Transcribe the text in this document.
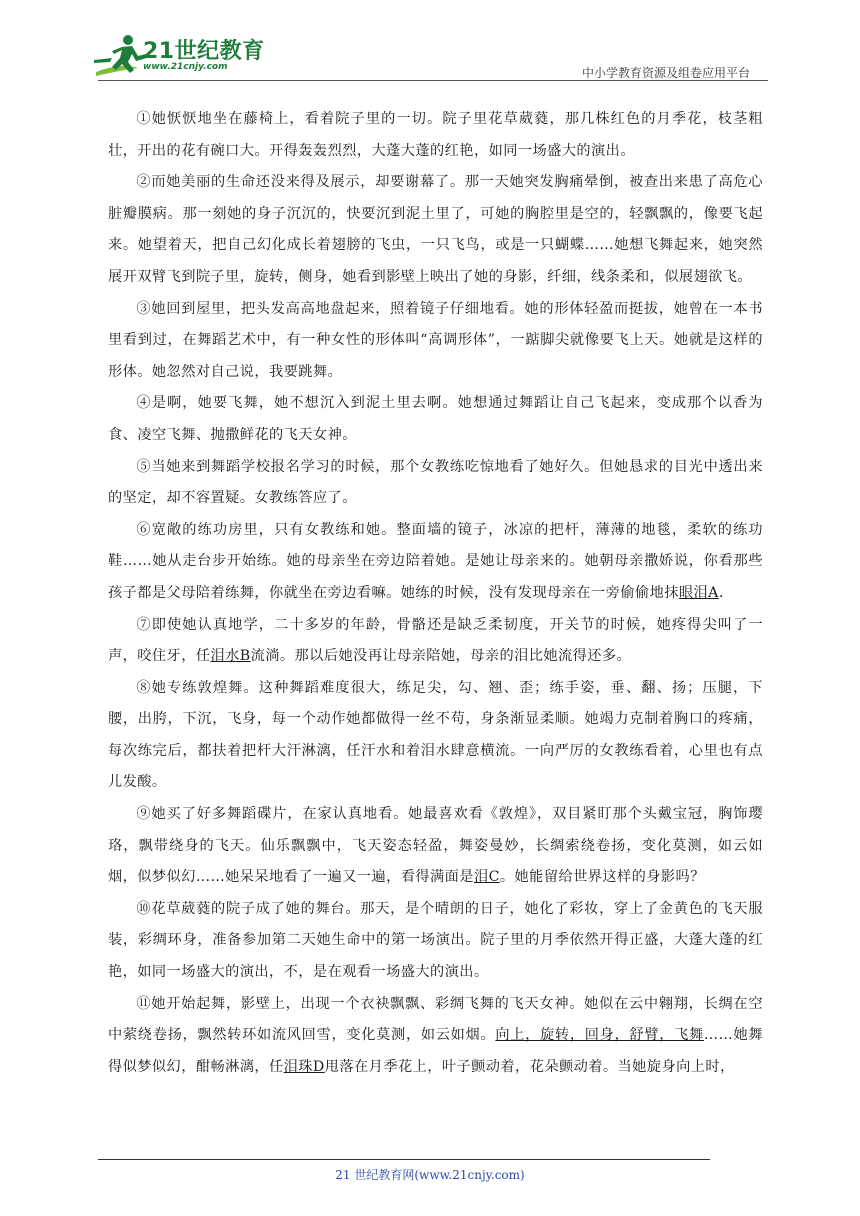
21世纪教育
www.21cnjy.com	中小学教育资源及组卷应用平台

①她恹恹地坐在藤椅上，看着院子里的一切。院子里花草葳蕤，那几株红色的月季花，枝茎粗壮，开出的花有碗口大。开得轰轰烈烈，大蓬大蓬的红艳，如同一场盛大的演出。

②而她美丽的生命还没来得及展示，却要谢幕了。那一天她突发胸痛晕倒，被查出来患了高危心脏瓣膜病。那一刻她的身子沉沉的，快要沉到泥土里了，可她的胸腔里是空的，轻飘飘的，像要飞起来。她望着天，把自己幻化成长着翅膀的飞虫，一只飞鸟，或是一只蝴蝶……她想飞舞起来，她突然展开双臂飞到院子里，旋转，侧身，她看到影壁上映出了她的身影，纤细，线条柔和，似展翅欲飞。

③她回到屋里，把头发高高地盘起来，照着镜子仔细地看。她的形体轻盈而挺拔，她曾在一本书里看到过，在舞蹈艺术中，有一种女性的形体叫“高调形体”，一踮脚尖就像要飞上天。她就是这样的形体。她忽然对自己说，我要跳舞。

④是啊，她要飞舞，她不想沉入到泥土里去啊。她想通过舞蹈让自己飞起来，变成那个以香为食、凌空飞舞、抛撒鲜花的飞天女神。

⑤当她来到舞蹈学校报名学习的时候，那个女教练吃惊地看了她好久。但她恳求的目光中透出来的坚定，却不容置疑。女教练答应了。

⑥宽敞的练功房里，只有女教练和她。整面墙的镜子，冰凉的把杆，薄薄的地毯，柔软的练功鞋……她从走台步开始练。她的母亲坐在旁边陪着她。是她让母亲来的。她朝母亲撒娇说，你看那些孩子都是父母陪着练舞，你就坐在旁边看嘛。她练的时候，没有发现母亲在一旁偷偷地抹眼泪A.

⑦即使她认真地学，二十多岁的年龄，骨骼还是缺乏柔韧度，开关节的时候，她疼得尖叫了一声，咬住牙，任泪水B流淌。那以后她没再让母亲陪她，母亲的泪比她流得还多。

⑧她专练敦煌舞。这种舞蹈难度很大，练足尖，勾、翘、歪；练手姿，垂、翻、扬；压腿，下腰，出胯，下沉，飞身，每一个动作她都做得一丝不苟，身条渐显柔顺。她竭力克制着胸口的疼痛，每次练完后，都扶着把杆大汗淋漓，任汗水和着泪水肆意横流。一向严厉的女教练看着，心里也有点儿发酸。

⑨她买了好多舞蹈碟片，在家认真地看。她最喜欢看《敦煌》，双目紧盯那个头戴宝冠，胸饰璎珞，飘带绕身的飞天。仙乐飘飘中，飞天姿态轻盈，舞姿曼妙，长绸索绕卷扬，变化莫测，如云如烟，似梦似幻……她呆呆地看了一遍又一遍，看得满面是泪C。她能留给世界这样的身影吗？

⑩花草葳蕤的院子成了她的舞台。那天，是个晴朗的日子，她化了彩妆，穿上了金黄色的飞天服装，彩绸环身，准备参加第二天她生命中的第一场演出。院子里的月季依然开得正盛，大蓬大蓬的红艳，如同一场盛大的演出，不，是在观看一场盛大的演出。

⑪她开始起舞，影壁上，出现一个衣袂飘飘、彩绸飞舞的飞天女神。她似在云中翱翔，长绸在空中萦绕卷扬，飘然转环如流风回雪，变化莫测，如云如烟。向上，旋转，回身，舒臂，飞舞……她舞得似梦似幻，酣畅淋漓，任泪珠D甩落在月季花上，叶子颤动着，花朵颤动着。当她旋身向上时，

21 世纪教育网(www.21cnjy.com)
